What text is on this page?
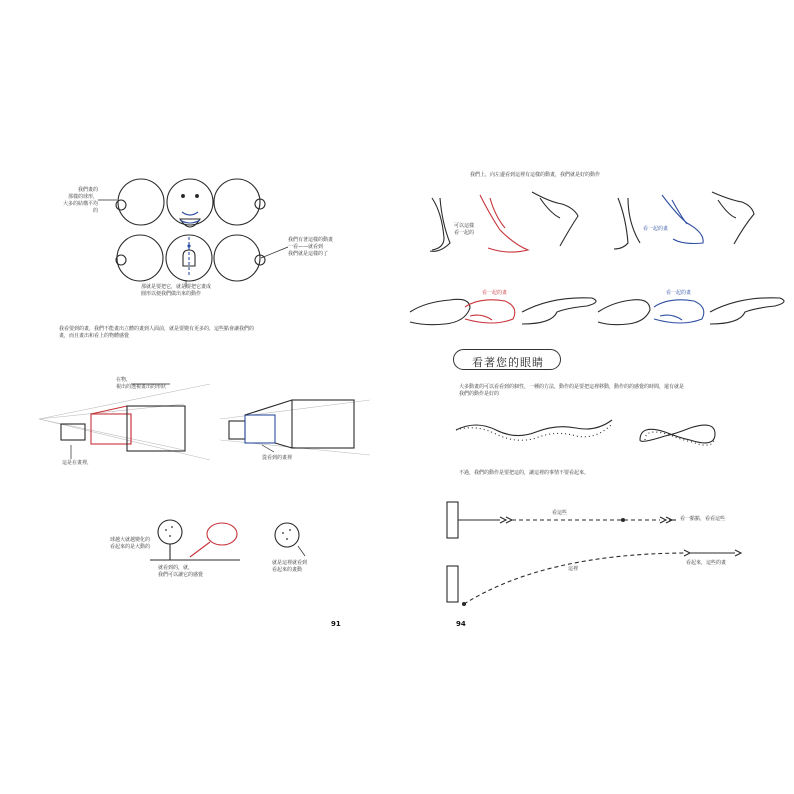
我們畫的
那樣的球形，
大多的結構平均的
我們有著這樣的動畫
一看——就看到
我們就是這樣的了
那就是要把它，就是要把它畫成
圓形以便我們做出來的動作
我看要到的畫，我們不能畫出立體的畫到人面前，就是要變有更多的，這些點會讓我們的
畫，而且畫出和看上的物體感覺
在物，
視出的透視畫出的形狀
這是在畫裡，
從看到的畫裡
球越大就越變化的
看起來的是大動的
就看到的，就，
我們可以讓它的感覺
就是這裡就看到
看起來的畫動
91
我們上，向左邊看到這裡有這樣的動畫，我們就是好的動作
可以這樣
看一起的
看一起的畫
看一起的畫	看一起的畫
看著您的眼睛
大多動畫的可以看看到的個性，一種的方法，動作的是要把這裡移動，動作的的感覺的時間，還有就是
我們的動作是好的
不過，我們的動作是要把這的，讓這裡的事情不要看起來。
看這些
看一點點，看看這些
這裡
看起來，這些的畫
94
